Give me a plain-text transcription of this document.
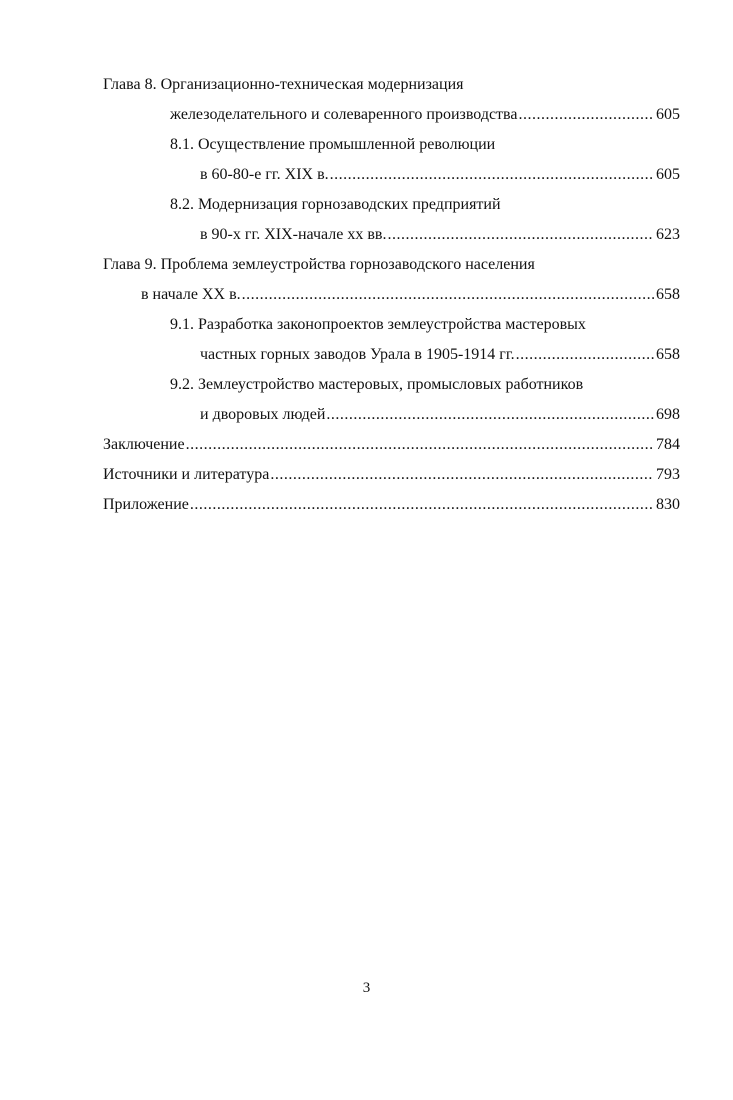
Глава 8. Организационно-техническая модернизация
железоделательного и солеваренного производства .....	605
8.1. Осуществление промышленной революции
в 60-80-е гг. XIX в. .....	605
8.2. Модернизация горнозаводских предприятий
в 90-х гг. XIX-начале хх вв. .....	623
Глава 9. Проблема землеустройства горнозаводского населения
в начале XX в. .....	658
9.1. Разработка законопроектов землеустройства мастеровых
частных горных заводов Урала в 1905-1914 гг. .....	658
9.2. Землеустройство мастеровых, промысловых работников
и дворовых людей .....	698
Заключение .....	784
Источники и литература .....	793
Приложение .....	830
3
